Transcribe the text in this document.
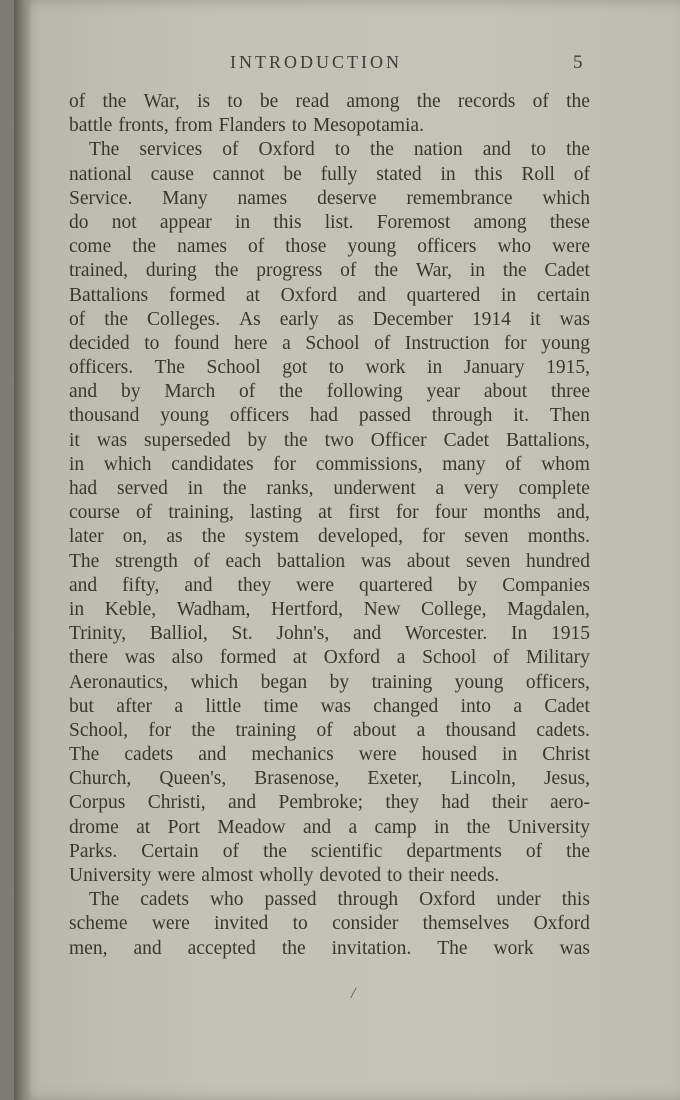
INTRODUCTION	5
of the War, is to be read among the records of the
battle fronts, from Flanders to Mesopotamia.
The services of Oxford to the nation and to the
national cause cannot be fully stated in this Roll of
Service. Many names deserve remembrance which
do not appear in this list. Foremost among these
come the names of those young officers who were
trained, during the progress of the War, in the Cadet
Battalions formed at Oxford and quartered in certain
of the Colleges. As early as December 1914 it was
decided to found here a School of Instruction for young
officers. The School got to work in January 1915,
and by March of the following year about three
thousand young officers had passed through it. Then
it was superseded by the two Officer Cadet Battalions,
in which candidates for commissions, many of whom
had served in the ranks, underwent a very complete
course of training, lasting at first for four months and,
later on, as the system developed, for seven months.
The strength of each battalion was about seven hundred
and fifty, and they were quartered by Companies
in Keble, Wadham, Hertford, New College, Magdalen,
Trinity, Balliol, St. John's, and Worcester. In 1915
there was also formed at Oxford a School of Military
Aeronautics, which began by training young officers,
but after a little time was changed into a Cadet
School, for the training of about a thousand cadets.
The cadets and mechanics were housed in Christ
Church, Queen's, Brasenose, Exeter, Lincoln, Jesus,
Corpus Christi, and Pembroke; they had their aero-
drome at Port Meadow and a camp in the University
Parks. Certain of the scientific departments of the
University were almost wholly devoted to their needs.
The cadets who passed through Oxford under this
scheme were invited to consider themselves Oxford
men, and accepted the invitation. The work was
/
